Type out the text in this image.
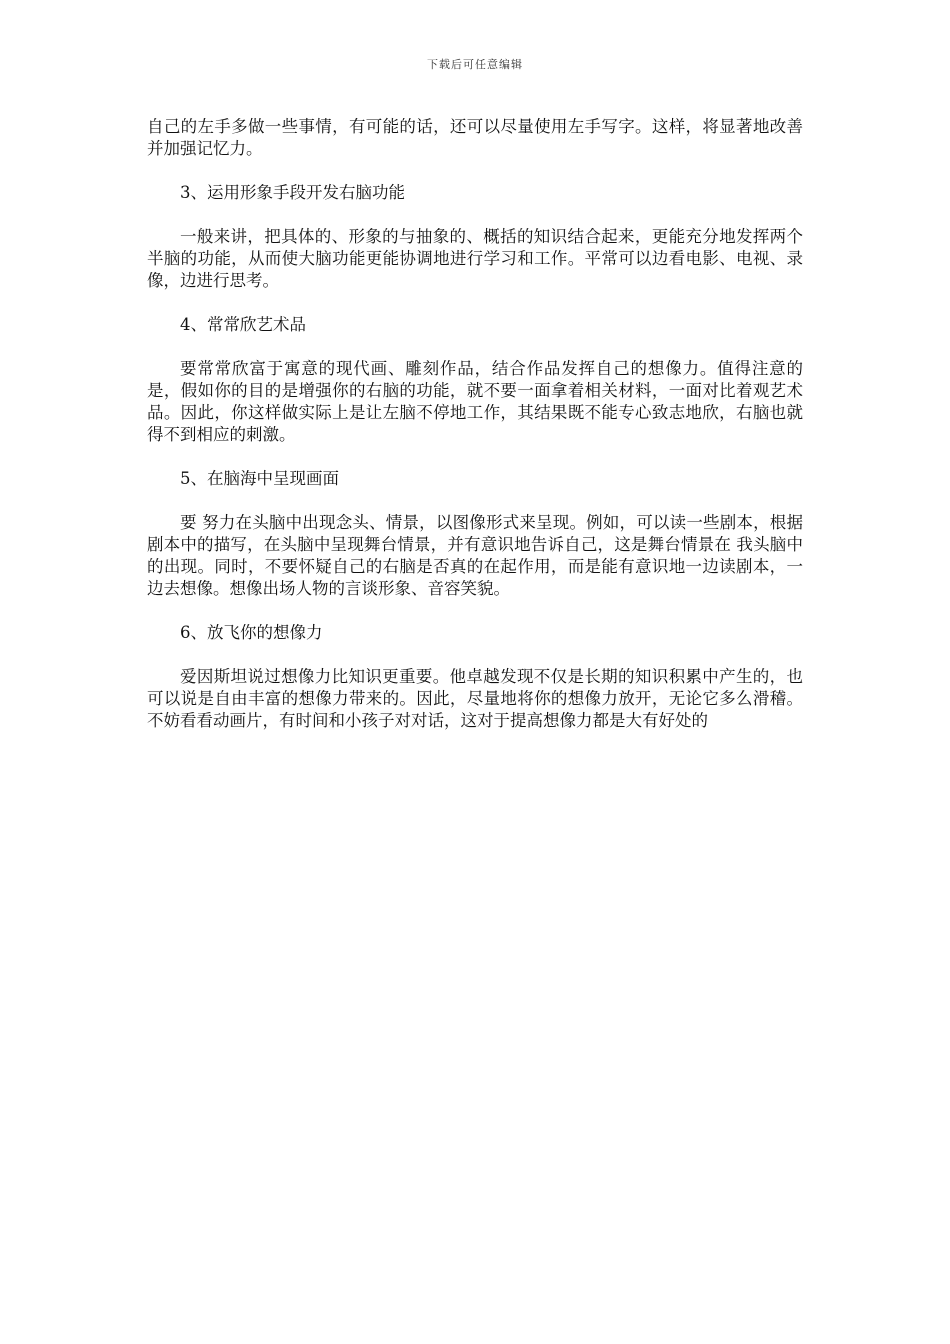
下载后可任意编辑

自己的左手多做一些事情，有可能的话，还可以尽量使用左手写字。这样，将显著地改善并加强记忆力。

3、运用形象手段开发右脑功能

一般来讲，把具体的、形象的与抽象的、概括的知识结合起来，更能充分地发挥两个半脑的功能，从而使大脑功能更能协调地进行学习和工作。平常可以边看电影、电视、录像，边进行思考。

4、常常欣艺术品

要常常欣富于寓意的现代画、雕刻作品，结合作品发挥自己的想像力。值得注意的是，假如你的目的是增强你的右脑的功能，就不要一面拿着相关材料，一面对比着观艺术品。因此，你这样做实际上是让左脑不停地工作，其结果既不能专心致志地欣，右脑也就得不到相应的刺激。

5、在脑海中呈现画面

要 努力在头脑中出现念头、情景，以图像形式来呈现。例如，可以读一些剧本，根据剧本中的描写，在头脑中呈现舞台情景，并有意识地告诉自己，这是舞台情景在 我头脑中的出现。同时，不要怀疑自己的右脑是否真的在起作用，而是能有意识地一边读剧本，一边去想像。想像出场人物的言谈形象、音容笑貌。

6、放飞你的想像力

爱因斯坦说过想像力比知识更重要。他卓越发现不仅是长期的知识积累中产生的，也可以说是自由丰富的想像力带来的。因此，尽量地将你的想像力放开，无论它多么滑稽。不妨看看动画片，有时间和小孩子对对话，这对于提高想像力都是大有好处的
